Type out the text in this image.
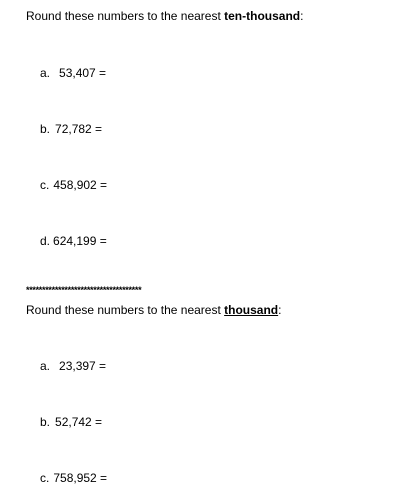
Round these numbers to the nearest ten-thousand:
a. 53,407 =
b. 72,782 =
c. 458,902 =
d. 624,199 =
************************************
Round these numbers to the nearest thousand:
a. 23,397 =
b. 52,742 =
c. 758,952 =
